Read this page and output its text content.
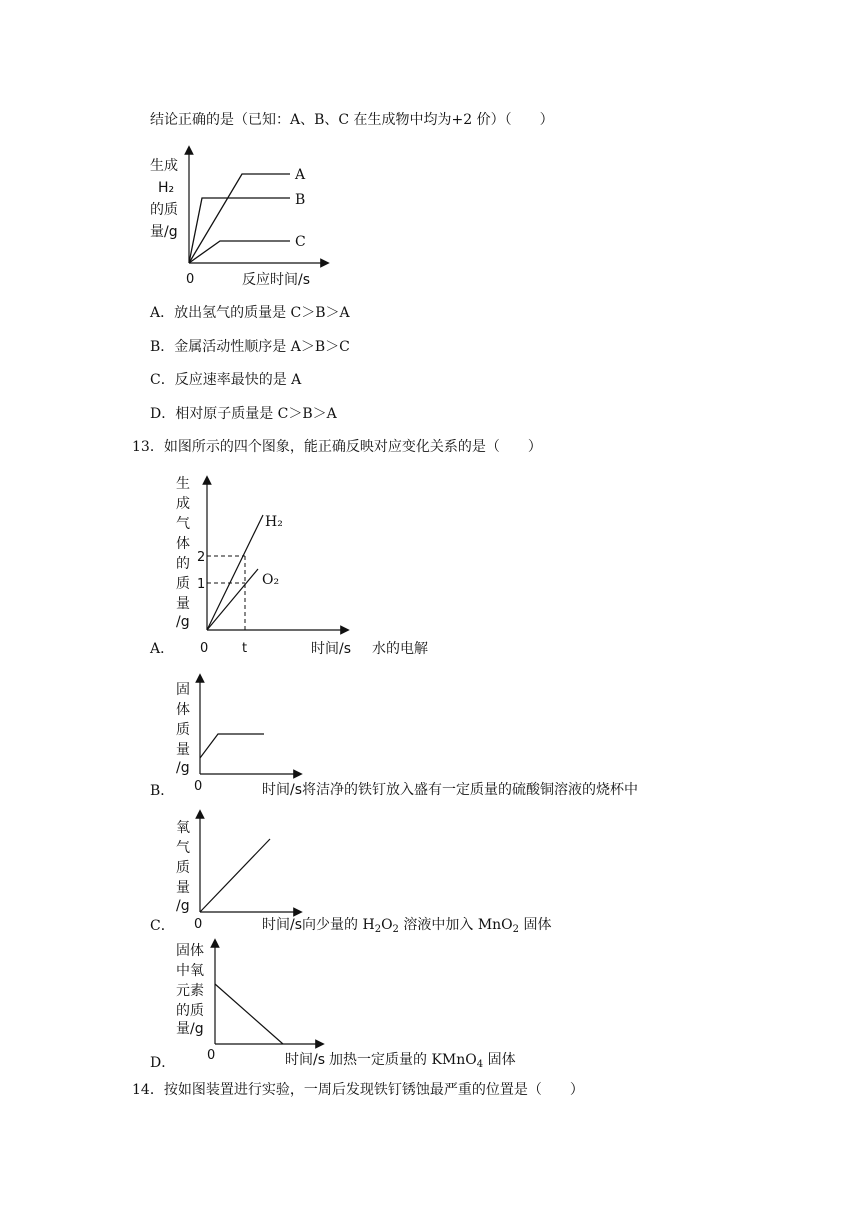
结论正确的是（已知：A、B、C 在生成物中均为+2 价）（　　）
生成
H₂
的质
量/g
A
B
C
0	反应时间/s
A．放出氢气的质量是 C＞B＞A
B．金属活动性顺序是 A＞B＞C
C．反应速率最快的是 A
D．相对原子质量是 C＞B＞A
13．如图所示的四个图象，能正确反映对应变化关系的是（　　）
A．
生
成
气
体
的
质
量
/g
H₂
O₂
2
1
0	t	时间/s 水的电解
B．
固
体
质
量
/g
0	时间/s将洁净的铁钉放入盛有一定质量的硫酸铜溶液的烧杯中
C．
氧
气
质
量
/g
0	时间/s向少量的 $H_2O_2$ 溶液中加入 MnO$_2$ 固体
D．
固体
中氧
元素
的质
量/g
0	时间/s 加热一定质量的 KMnO$_4$ 固体
14．按如图装置进行实验，一周后发现铁钉锈蚀最严重的位置是（　　）
